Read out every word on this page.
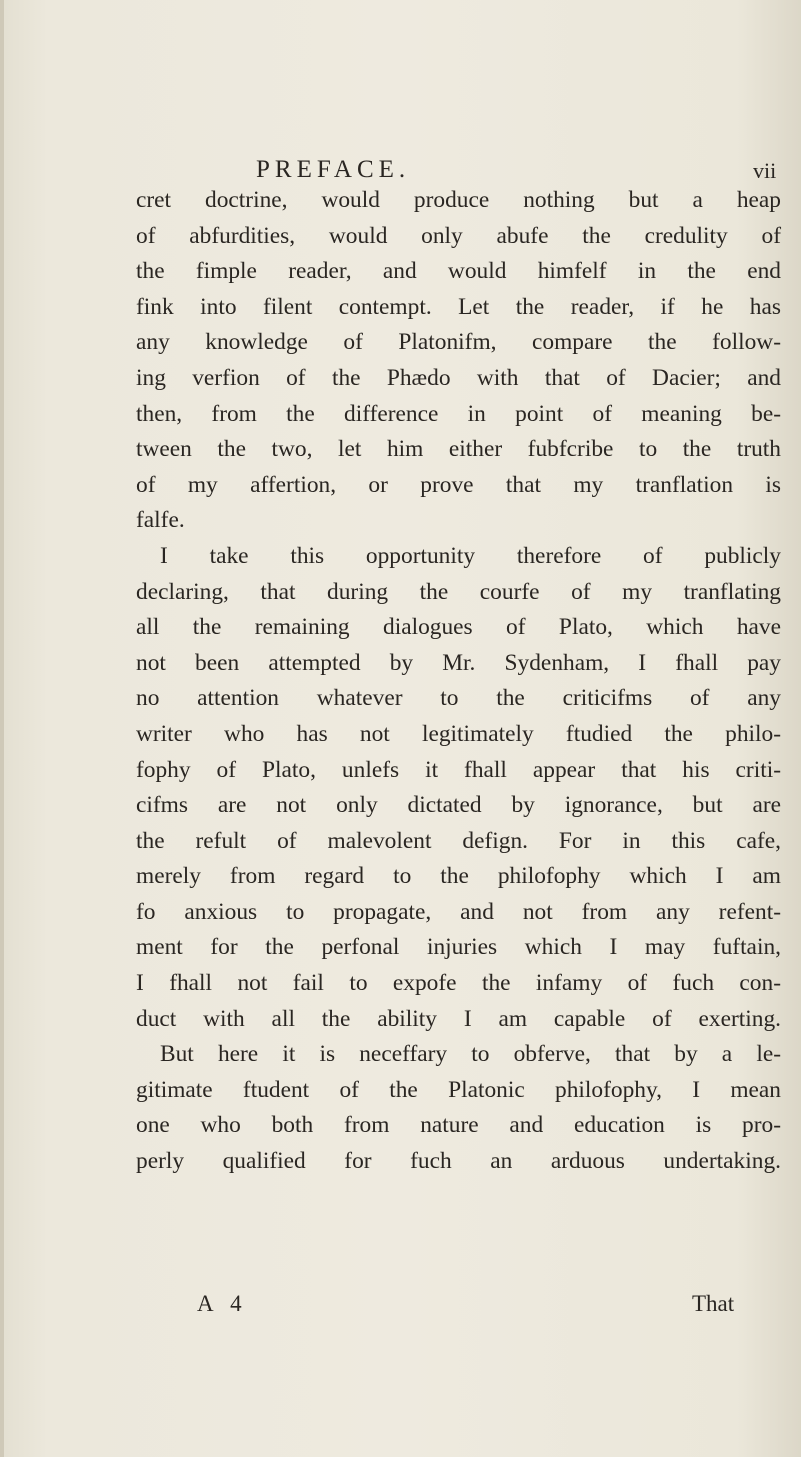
PREFACE.	vii
cret doctrine, would produce nothing but a heap
of abfurdities, would only abufe the credulity of
the fimple reader, and would himfelf in the end
fink into filent contempt. Let the reader, if he has
any knowledge of Platonifm, compare the follow-
ing verfion of the Phædo with that of Dacier; and
then, from the difference in point of meaning be-
tween the two, let him either fubfcribe to the truth
of my affertion, or prove that my tranflation is
falfe.
I take this opportunity therefore of publicly
declaring, that during the courfe of my tranflating
all the remaining dialogues of Plato, which have
not been attempted by Mr. Sydenham, I fhall pay
no attention whatever to the criticifms of any
writer who has not legitimately ftudied the philo-
fophy of Plato, unlefs it fhall appear that his criti-
cifms are not only dictated by ignorance, but are
the refult of malevolent defign. For in this cafe,
merely from regard to the philofophy which I am
fo anxious to propagate, and not from any refent-
ment for the perfonal injuries which I may fuftain,
I fhall not fail to expofe the infamy of fuch con-
duct with all the ability I am capable of exerting.
But here it is neceffary to obferve, that by a le-
gitimate ftudent of the Platonic philofophy, I mean
one who both from nature and education is pro-
perly qualified for fuch an arduous undertaking.
A 4	That
